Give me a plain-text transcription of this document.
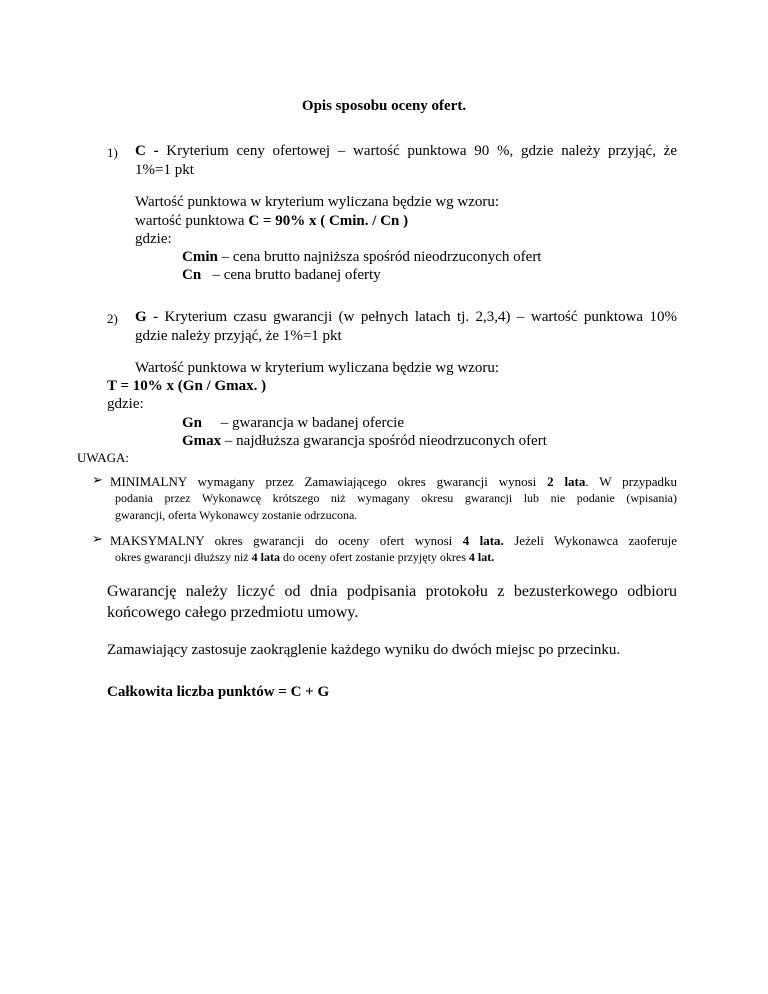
Opis sposobu oceny ofert.
1) C - Kryterium ceny ofertowej – wartość punktowa 90 %, gdzie należy przyjąć, że
1%=1 pkt
Wartość punktowa w kryterium wyliczana będzie wg wzoru:
wartość punktowa C = 90% x ( Cmin. / Cn )
gdzie:
Cmin – cena brutto najniższa spośród nieodrzuconych ofert
Cn – cena brutto badanej oferty
2) G - Kryterium czasu gwarancji (w pełnych latach tj. 2,3,4) – wartość punktowa 10%
gdzie należy przyjąć, że 1%=1 pkt
Wartość punktowa w kryterium wyliczana będzie wg wzoru:
T = 10% x (Gn / Gmax. )
gdzie:
Gn – gwarancja w badanej ofercie
Gmax – najdłuższa gwarancja spośród nieodrzuconych ofert
UWAGA:
➢ MINIMALNY wymagany przez Zamawiającego okres gwarancji wynosi 2 lata. W przypadku
podania przez Wykonawcę krótszego niż wymagany okresu gwarancji lub nie podanie (wpisania)
gwarancji, oferta Wykonawcy zostanie odrzucona.
➢ MAKSYMALNY okres gwarancji do oceny ofert wynosi 4 lata. Jeżeli Wykonawca zaoferuje
okres gwarancji dłuższy niż 4 lata do oceny ofert zostanie przyjęty okres 4 lat.
Gwarancję należy liczyć od dnia podpisania protokołu z bezusterkowego odbioru
końcowego całego przedmiotu umowy.
Zamawiający zastosuje zaokrąglenie każdego wyniku do dwóch miejsc po przecinku.
Całkowita liczba punktów = C + G
